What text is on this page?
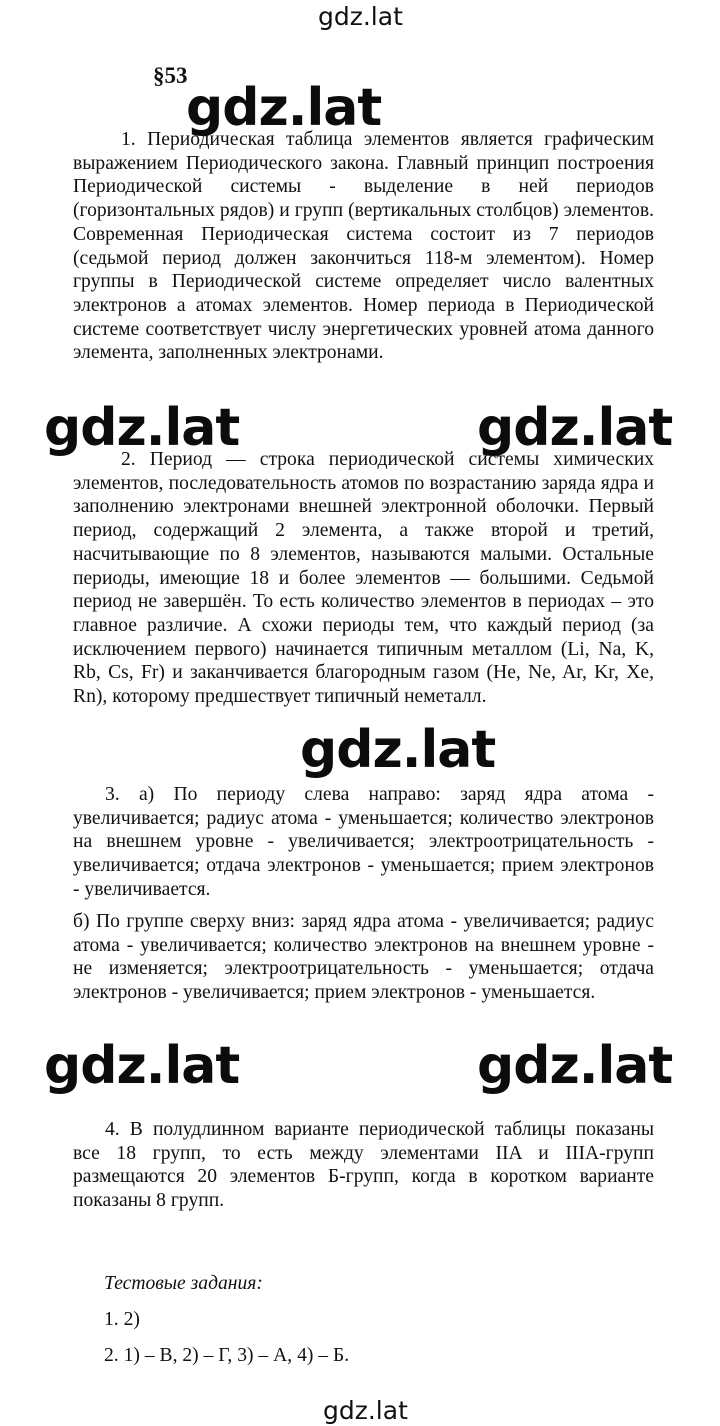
gdz.lat
gdz.lat
gdz.lat	gdz.lat
gdz.lat
gdz.lat	gdz.lat
gdz.lat
§53

1. Периодическая таблица элементов является графическим выражением Периодического закона. Главный принцип построения Периодической системы - выделение в ней периодов (горизонтальных рядов) и групп (вертикальных столбцов) элементов. Современная Периодическая система состоит из 7 периодов (седьмой период должен закончиться 118-м элементом). Номер группы в Периодической системе определяет число валентных электронов а атомах элементов. Номер периода в Периодической системе соответствует числу энергетических уровней атома данного элемента, заполненных электронами.

2. Период — строка периодической системы химических элементов, последовательность атомов по возрастанию заряда ядра и заполнению электронами внешней электронной оболочки. Первый период, содержащий 2 элемента, а также второй и третий, насчитывающие по 8 элементов, называются малыми. Остальные периоды, имеющие 18 и более элементов — большими. Седьмой период не завершён. То есть количество элементов в периодах – это главное различие. А схожи периоды тем, что каждый период (за исключением первого) начинается типичным металлом (Li, Na, K, Rb, Cs, Fr) и заканчивается благородным газом (He, Ne, Ar, Kr, Xe, Rn), которому предшествует типичный неметалл.

3. а) По периоду слева направо: заряд ядра атома - увеличивается; радиус атома - уменьшается; количество электронов на внешнем уровне - увеличивается; электроотрицательность - увеличивается; отдача электронов - уменьшается; прием электронов - увеличивается.

б) По группе сверху вниз: заряд ядра атома - увеличивается; радиус атома - увеличивается; количество электронов на внешнем уровне - не изменяется; электроотрицательность - уменьшается; отдача электронов - увеличивается; прием электронов - уменьшается.

4. В полудлинном варианте периодической таблицы показаны все 18 групп, то есть между элементами IIA и IIIA-групп размещаются 20 элементов Б-групп, когда в коротком варианте показаны 8 групп.

Тестовые задания:

1. 2)

2. 1) – В, 2) – Г, 3) – А, 4) – Б.
